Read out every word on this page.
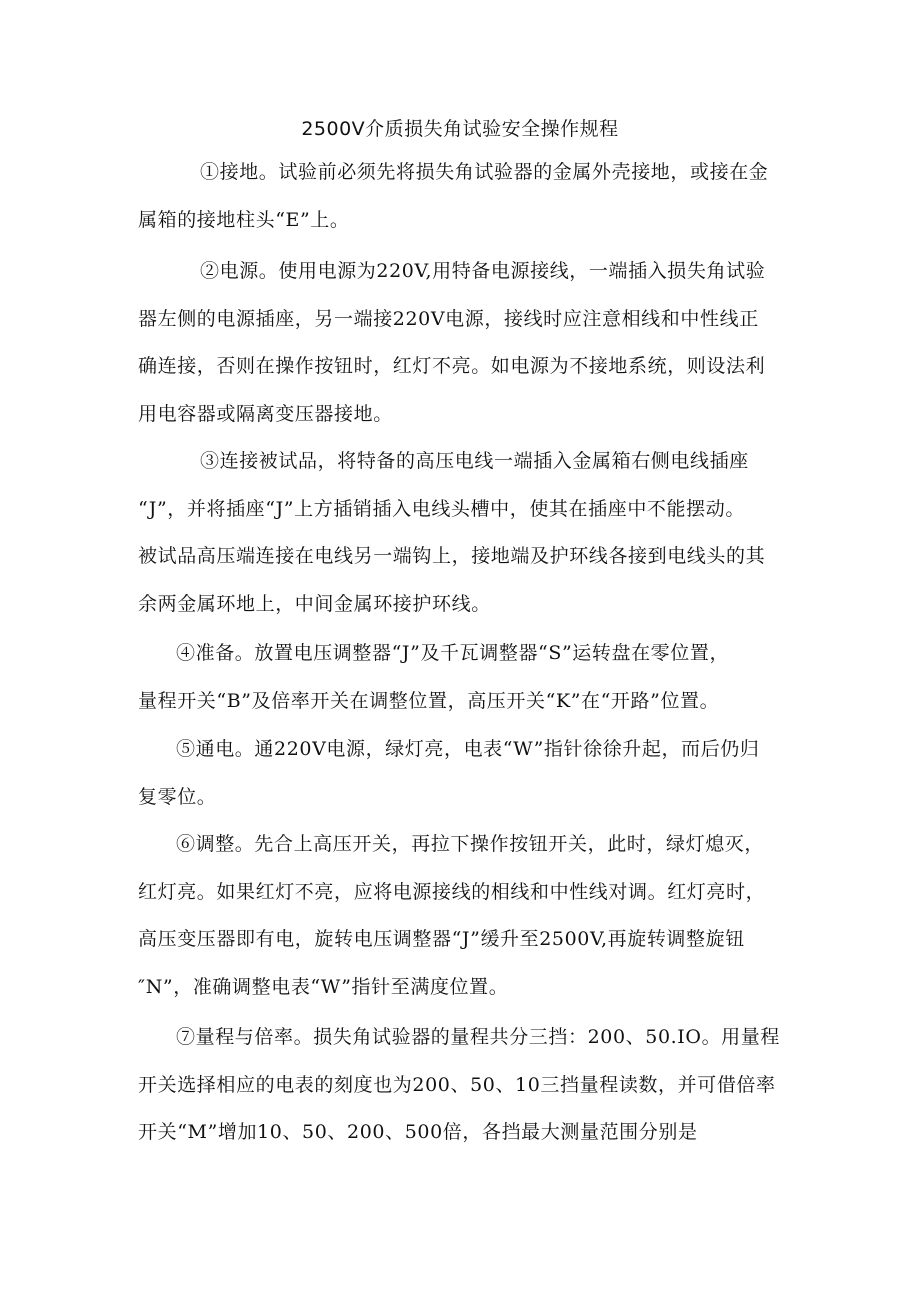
2500V介质损失角试验安全操作规程
①接地。试验前必须先将损失角试验器的金属外壳接地，或接在金
属箱的接地柱头“E”上。
②电源。使用电源为220V,用特备电源接线，一端插入损失角试验
器左侧的电源插座，另一端接220V电源，接线时应注意相线和中性线正
确连接，否则在操作按钮时，红灯不亮。如电源为不接地系统，则设法利
用电容器或隔离变压器接地。
③连接被试品，将特备的高压电线一端插入金属箱右侧电线插座
“J”，并将插座“J”上方插销插入电线头槽中，使其在插座中不能摆动。
被试品高压端连接在电线另一端钩上，接地端及护环线各接到电线头的其
余两金属环地上，中间金属环接护环线。
④准备。放置电压调整器“J”及千瓦调整器“S”运转盘在零位置，
量程开关“B”及倍率开关在调整位置，高压开关“K”在“开路”位置。
⑤通电。通220V电源，绿灯亮，电表“W”指针徐徐升起，而后仍归
复零位。
⑥调整。先合上高压开关，再拉下操作按钮开关，此时，绿灯熄灭，
红灯亮。如果红灯不亮，应将电源接线的相线和中性线对调。红灯亮时，
高压变压器即有电，旋转电压调整器“J”缓升至2500V,再旋转调整旋钮
″N”，准确调整电表“W”指针至满度位置。
⑦量程与倍率。损失角试验器的量程共分三挡：200、50.IO。用量程
开关选择相应的电表的刻度也为200、50、10三挡量程读数，并可借倍率
开关“M”增加10、50、200、500倍，各挡最大测量范围分别是
